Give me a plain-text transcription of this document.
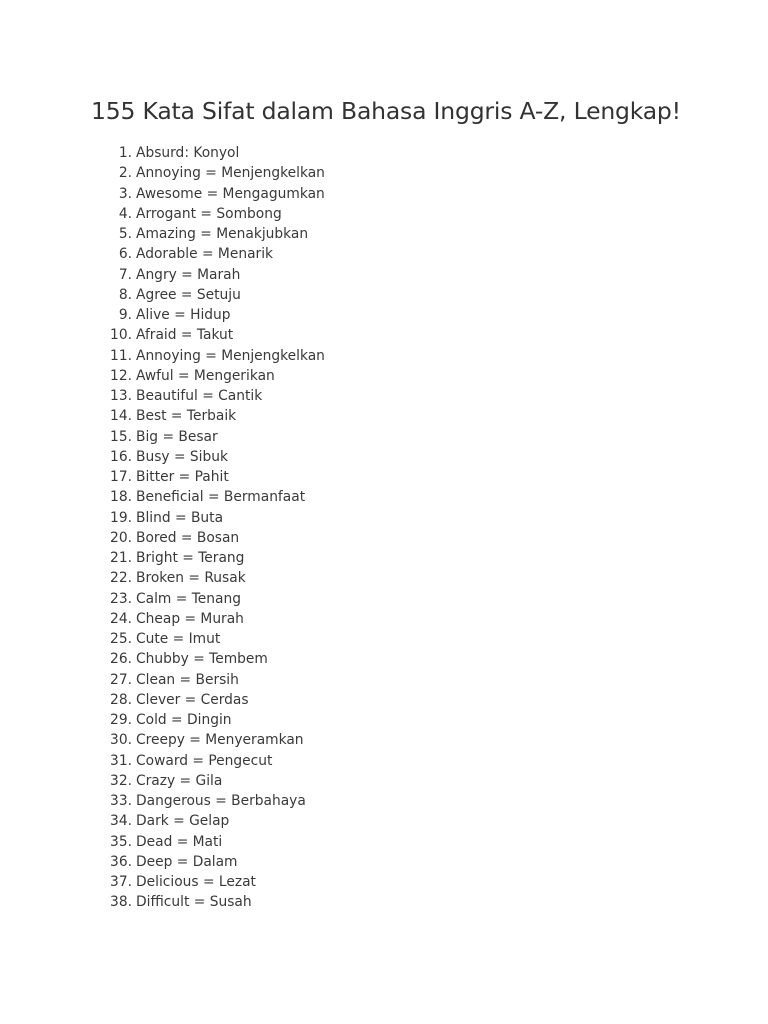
155 Kata Sifat dalam Bahasa Inggris A-Z, Lengkap!
1. Absurd: Konyol
2. Annoying = Menjengkelkan
3. Awesome = Mengagumkan
4. Arrogant = Sombong
5. Amazing = Menakjubkan
6. Adorable = Menarik
7. Angry = Marah
8. Agree = Setuju
9. Alive = Hidup
10. Afraid = Takut
11. Annoying = Menjengkelkan
12. Awful = Mengerikan
13. Beautiful = Cantik
14. Best = Terbaik
15. Big = Besar
16. Busy = Sibuk
17. Bitter = Pahit
18. Beneficial = Bermanfaat
19. Blind = Buta
20. Bored = Bosan
21. Bright = Terang
22. Broken = Rusak
23. Calm = Tenang
24. Cheap = Murah
25. Cute = Imut
26. Chubby = Tembem
27. Clean = Bersih
28. Clever = Cerdas
29. Cold = Dingin
30. Creepy = Menyeramkan
31. Coward = Pengecut
32. Crazy = Gila
33. Dangerous = Berbahaya
34. Dark = Gelap
35. Dead = Mati
36. Deep = Dalam
37. Delicious = Lezat
38. Difficult = Susah
